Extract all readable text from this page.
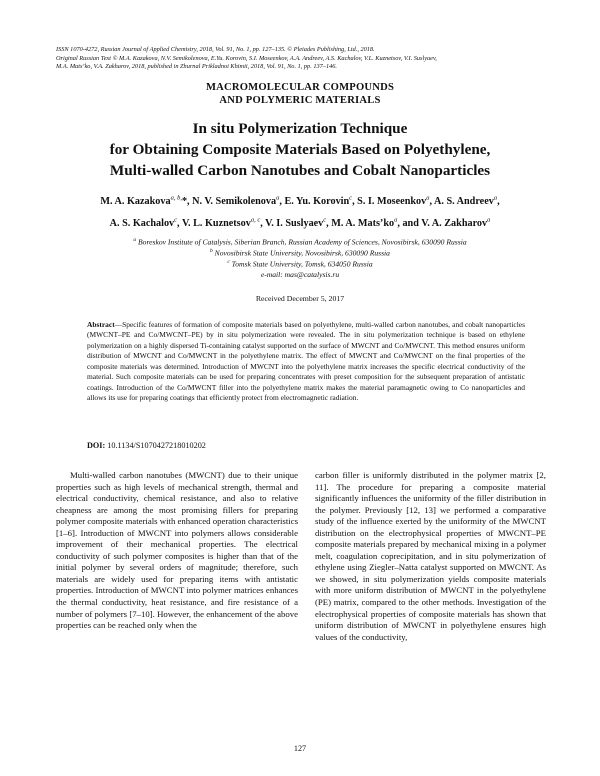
ISSN 1070-4272, Russian Journal of Applied Chemistry, 2018, Vol. 91, No. 1, pp. 127–135. © Pleiades Publishing, Ltd., 2018.
Original Russian Text © M.A. Kazakova, N.V. Semikolenova, E.Yu. Korovin, S.I. Moseenkov, A.A. Andreev, A.S. Kachalov, V.L. Kuznetsov, V.I. Suslyaev,
M.A. Mats’ko, V.A. Zakharov, 2018, published in Zhurnal Prikladnoi Khimii, 2018, Vol. 91, No. 1, pp. 137–146.
MACROMOLECULAR COMPOUNDS
AND POLYMERIC MATERIALS
In situ Polymerization Technique
for Obtaining Composite Materials Based on Polyethylene,
Multi-walled Carbon Nanotubes and Cobalt Nanoparticles
M. A. Kazakova$^{a, b,}$*, N. V. Semikolenova$^a$, E. Yu. Korovin$^c$, S. I. Moseenkov$^a$, A. S. Andreev$^a$,
A. S. Kachalov$^c$, V. L. Kuznetsov$^{a, c}$, V. I. Suslyaev$^c$, M. A. $Mats’ko^a$, and V. A. Zakharov$^a$
$^a$ Boreskov Institute of Catalysis, Siberian Branch, Russian Academy of Sciences, Novosibirsk, 630090 Russia
$^b$ Novosibirsk State University, Novosibirsk, 630090 Russia
$^c$ Tomsk State University, Tomsk, 634050 Russia
e-mail: mas@catalysis.ru
Received December 5, 2017
Abstract—Specific features of formation of composite materials based on polyethylene, multi-walled carbon nanotubes, and cobalt nanoparticles (MWCNT–PE and Co/MWCNT–PE) by in situ polymerization were revealed. The in situ polymerization technique is based on ethylene polymerization on a highly dispersed Ti-containing catalyst supported on the surface of MWCNT and Co/MWCNT. This method ensures uniform distribution of MWCNT and Co/MWCNT in the polyethylene matrix. The effect of MWCNT and Co/MWCNT on the final properties of the composite materials was determined. Introduction of MWCNT into the polyethylene matrix increases the specific electrical conductivity of the material. Such composite materials can be used for preparing concentrates with preset composition for the subsequent preparation of antistatic coatings. Introduction of the Co/MWCNT filler into the polyethylene matrix makes the material paramagnetic owing to Co nanoparticles and allows its use for preparing coatings that efficiently protect from electromagnetic radiation.
DOI: 10.1134/S1070427218010202
Multi-walled carbon nanotubes (MWCNT) due to their unique properties such as high levels of mechanical strength, thermal and electrical conductivity, chemical resistance, and also to relative cheapness are among the most promising fillers for preparing polymer composite materials with enhanced operation characteristics [1–6]. Introduction of MWCNT into polymers allows considerable improvement of their mechanical properties. The electrical conductivity of such polymer composites is higher than that of the initial polymer by several orders of magnitude; therefore, such materials are widely used for preparing items with antistatic properties. Introduction of MWCNT into polymer matrices enhances the thermal conductivity, heat resistance, and fire resistance of a number of polymers [7–10]. However, the enhancement of the above properties can be reached only when the
carbon filler is uniformly distributed in the polymer matrix [2, 11]. The procedure for preparing a composite material significantly influences the uniformity of the filler distribution in the polymer. Previously [12, 13] we performed a comparative study of the influence exerted by the uniformity of the MWCNT distribution on the electrophysical properties of MWCNT–PE composite materials prepared by mechanical mixing in a polymer melt, coagulation coprecipitation, and in situ polymerization of ethylene using Ziegler–Natta catalyst supported on MWCNT. As we showed, in situ polymerization yields composite materials with more uniform distribution of MWCNT in the polyethylene (PE) matrix, compared to the other methods. Investigation of the electrophysical properties of composite materials has shown that uniform distribution of MWCNT in polyethylene ensures high values of the conductivity,
127
